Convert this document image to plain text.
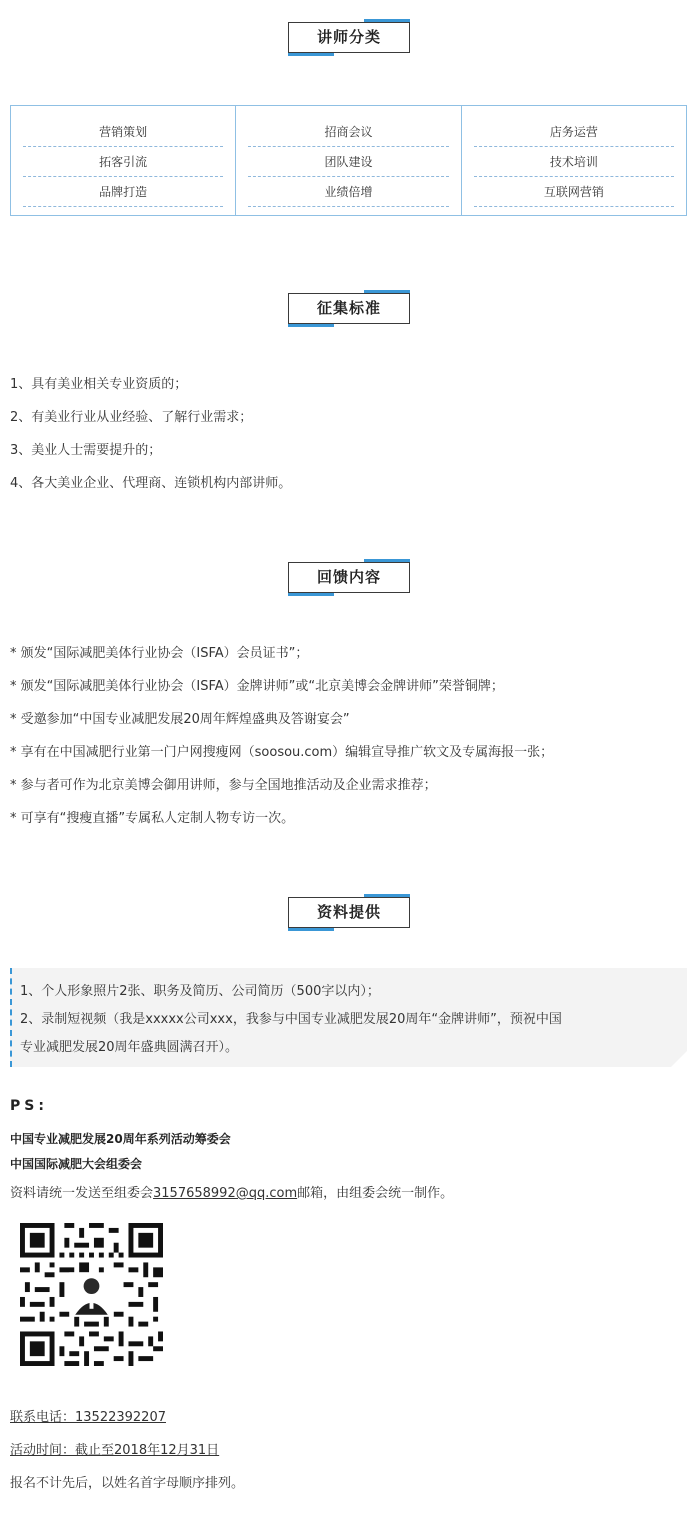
讲师分类
营销策划
拓客引流
品牌打造
招商会议
团队建设
业绩倍增
店务运营
技术培训
互联网营销
征集标准
1、具有美业相关专业资质的；
2、有美业行业从业经验、了解行业需求；
3、美业人士需要提升的；
4、各大美业企业、代理商、连锁机构内部讲师。
回馈内容
* 颁发“国际减肥美体行业协会（ISFA）会员证书”；
* 颁发“国际减肥美体行业协会（ISFA）金牌讲师”或“北京美博会金牌讲师”荣誉铜牌；
* 受邀参加“中国专业减肥发展20周年辉煌盛典及答谢宴会”
* 享有在中国减肥行业第一门户网搜瘦网（soosou.com）编辑宣导推广软文及专属海报一张；
* 参与者可作为北京美博会御用讲师，参与全国地推活动及企业需求推荐；
* 可享有“搜瘦直播”专属私人定制人物专访一次。
资料提供
1、个人形象照片2张、职务及简历、公司简历（500字以内）；
2、录制短视频（我是xxxxx公司xxx，我参与中国专业减肥发展20周年“金牌讲师”，预祝中国
专业减肥发展20周年盛典圆满召开）。
PS:
中国专业减肥发展20周年系列活动筹委会
中国国际减肥大会组委会
资料请统一发送至组委会3157658992@qq.com邮箱，由组委会统一制作。
联系电话：13522392207
活动时间：截止至2018年12月31日
报名不计先后，以姓名首字母顺序排列。
